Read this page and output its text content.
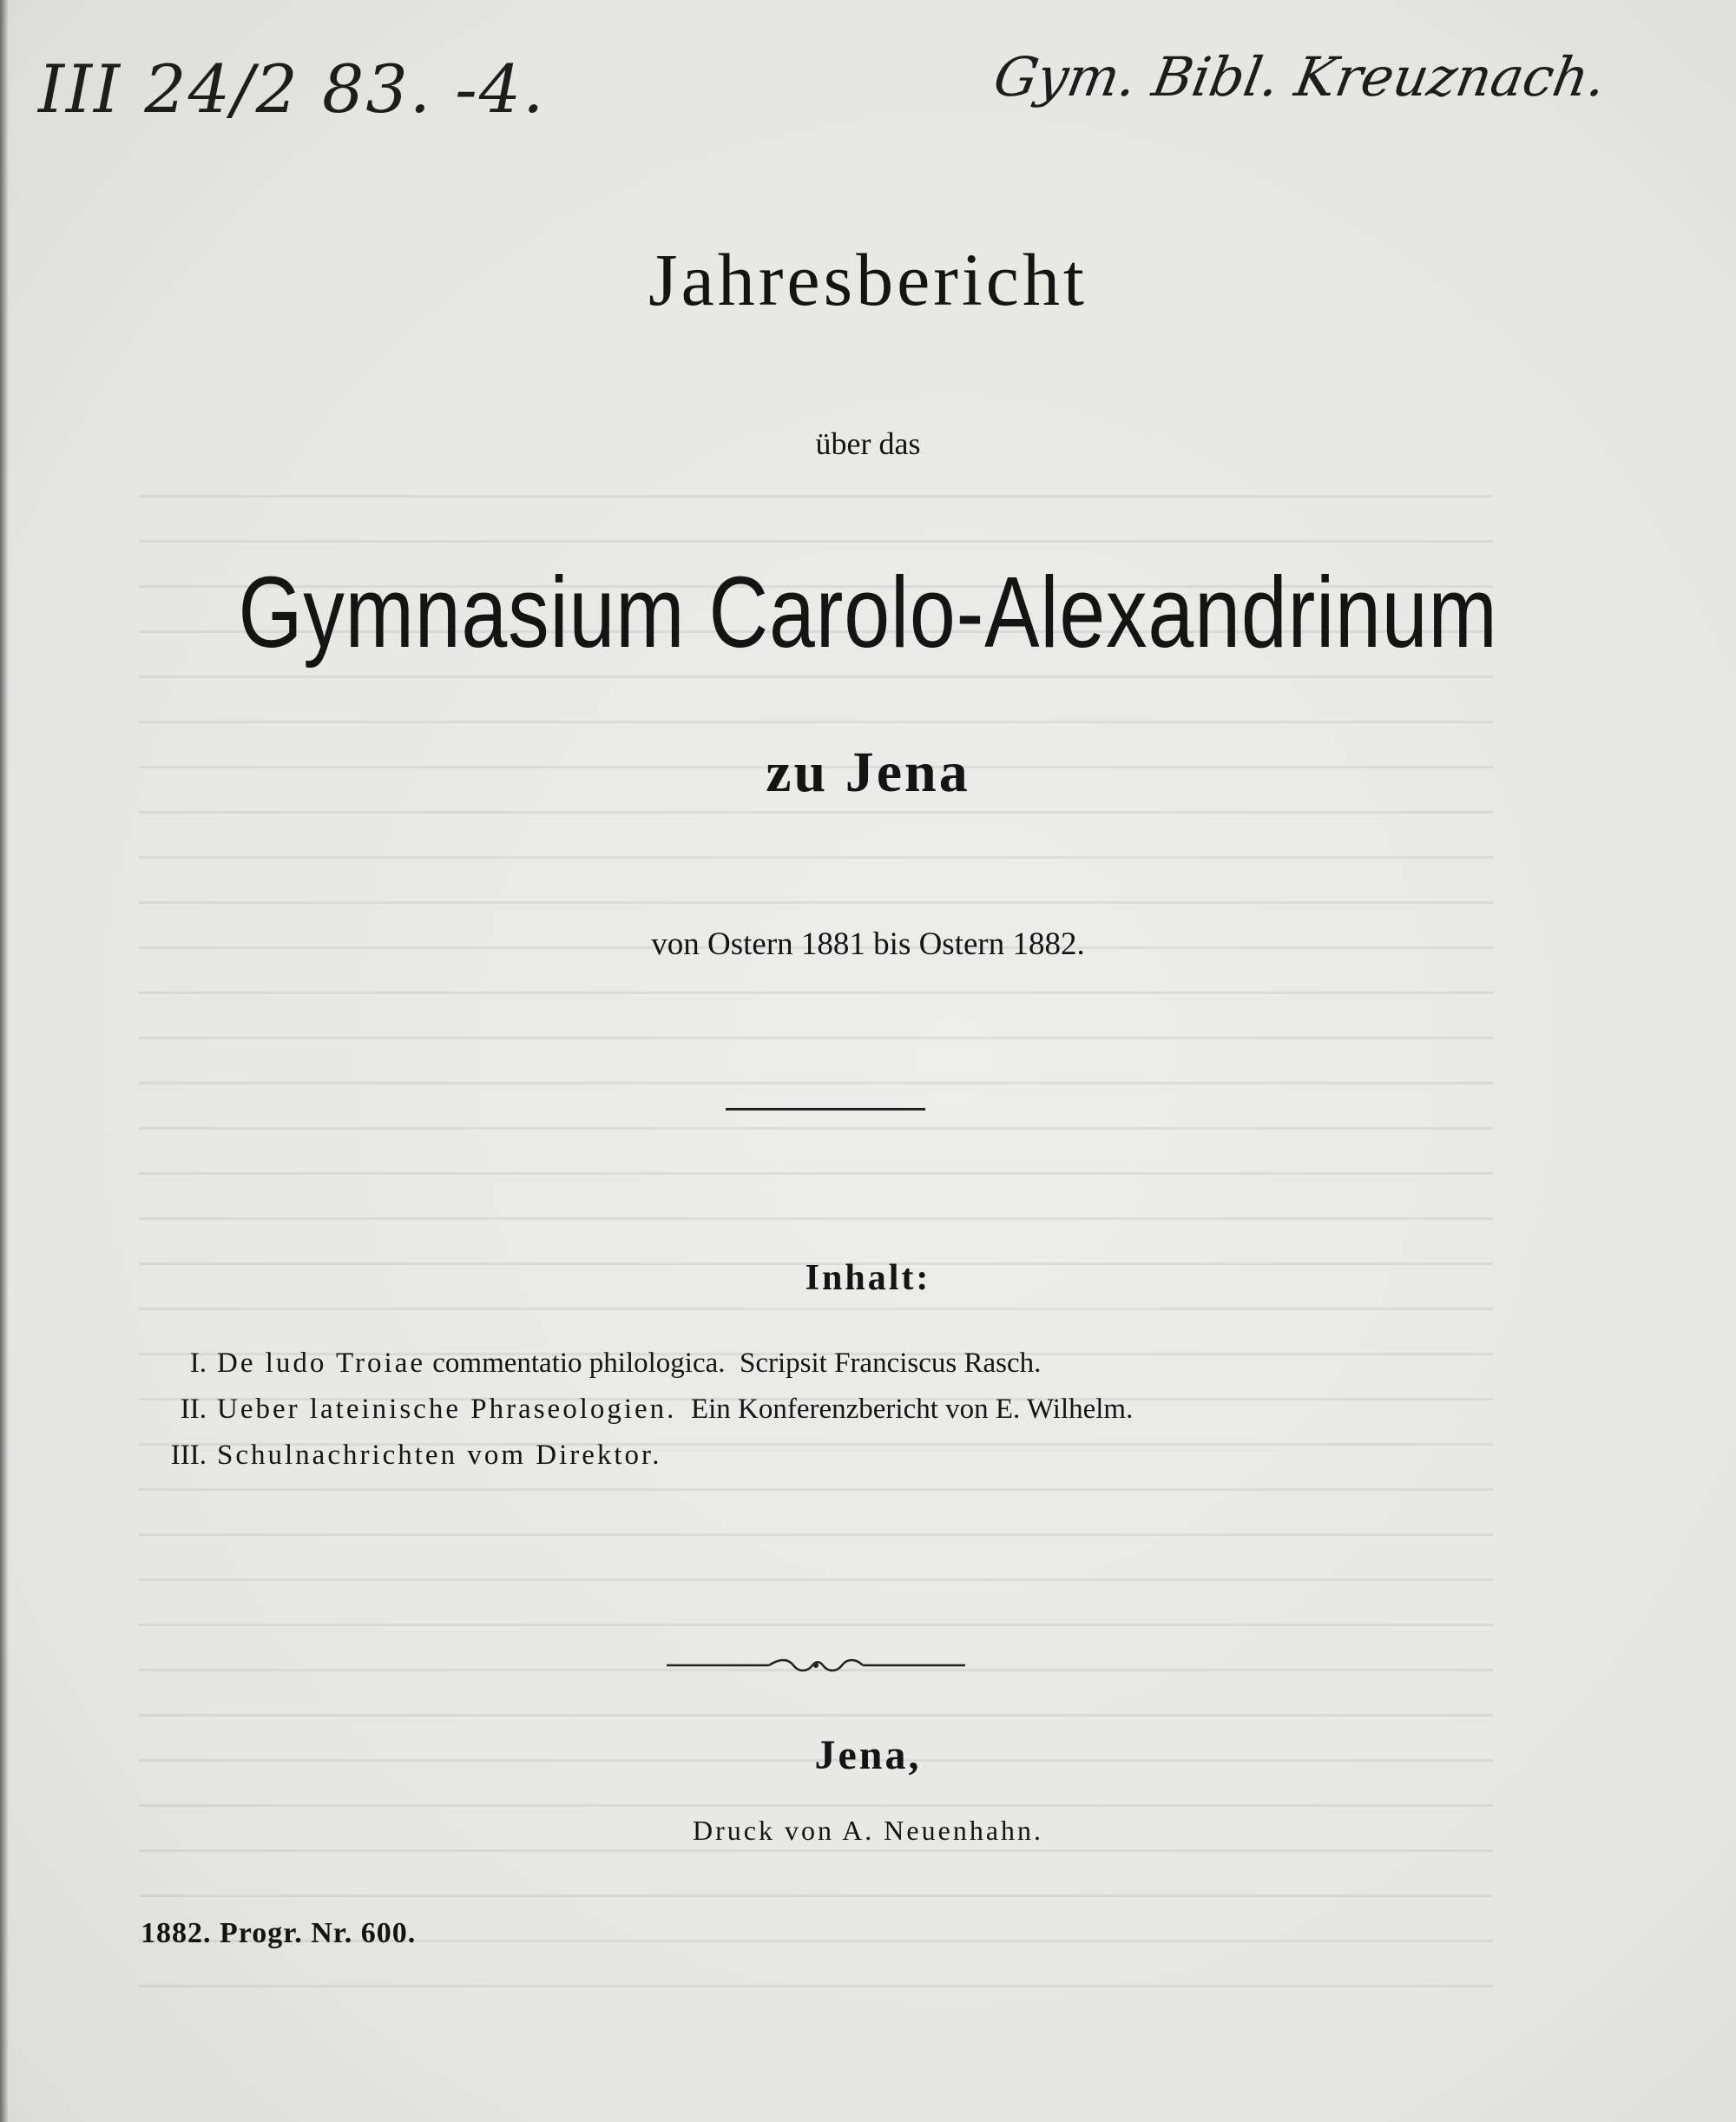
III 24/2 83. -4.	Gym. Bibl. Kreuznach.
Jahresbericht
über das
Gymnasium Carolo-Alexandrinum
zu Jena
von Ostern 1881 bis Ostern 1882.
Inhalt:
I. De ludo Troiae commentatio philologica.  Scripsit Franciscus Rasch.
II. Ueber lateinische Phraseologien. Ein Konferenzbericht von E. Wilhelm.
III. Schulnachrichten vom Direktor.
Jena,
Druck von A. Neuenhahn.
1882. Progr. Nr. 600.
